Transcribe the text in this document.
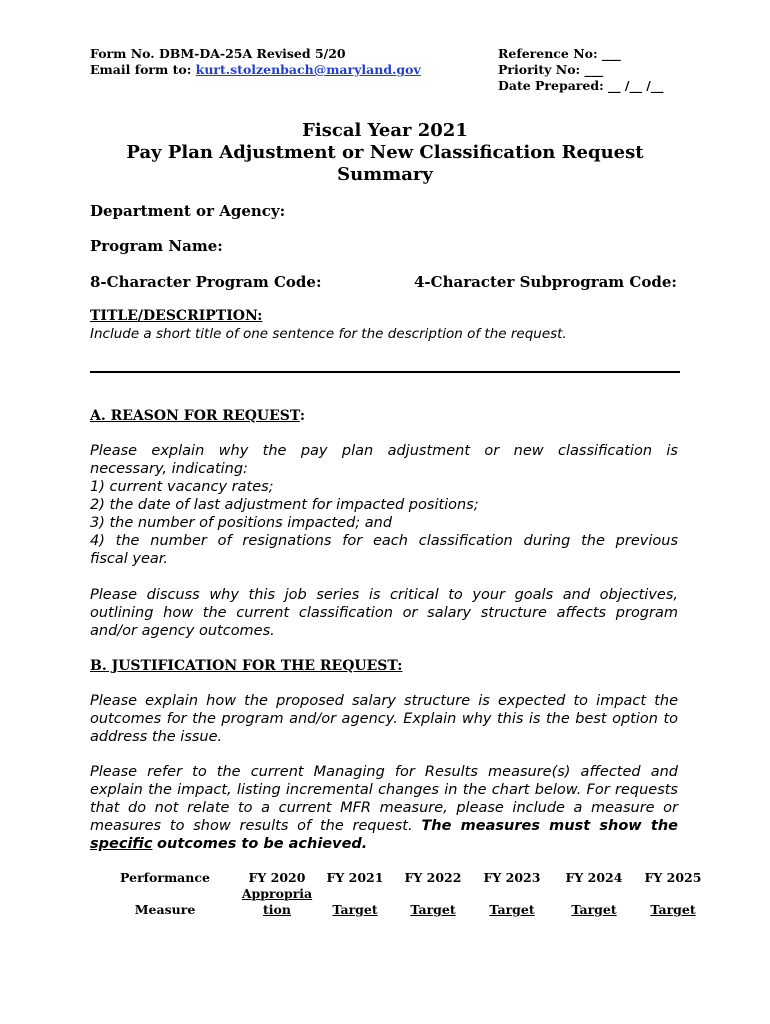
Form No. DBM-DA-25A Revised 5/20
Email form to: kurt.stolzenbach@maryland.gov
Reference No: ___
Priority No: ___
Date Prepared: __ /__ /__
Fiscal Year 2021
Pay Plan Adjustment or New Classification Request
Summary
Department or Agency:
Program Name:
8-Character Program Code:	4-Character Subprogram Code:
TITLE/DESCRIPTION:
Include a short title of one sentence for the description of the request.
A. REASON FOR REQUEST:
Please explain why the pay plan adjustment or new classification is
necessary, indicating:
1) current vacancy rates;
2) the date of last adjustment for impacted positions;
3) the number of positions impacted; and
4) the number of resignations for each classification during the previous
fiscal year.
Please discuss why this job series is critical to your goals and objectives, outlining how the current classification or salary structure affects program and/or agency outcomes.
B. JUSTIFICATION FOR THE REQUEST:
Please explain how the proposed salary structure is expected to impact the outcomes for the program and/or agency. Explain why this is the best option to address the issue.
Please refer to the current Managing for Results measure(s) affected and explain the impact, listing incremental changes in the chart below. For requests that do not relate to a current MFR measure, please include a measure or measures to show results of the request. The measures must show the specific outcomes to be achieved.
Performance
Measure
FY 2020
Appropria
tion
FY 2021
Target
FY 2022
Target
FY 2023
Target
FY 2024
Target
FY 2025
Target
